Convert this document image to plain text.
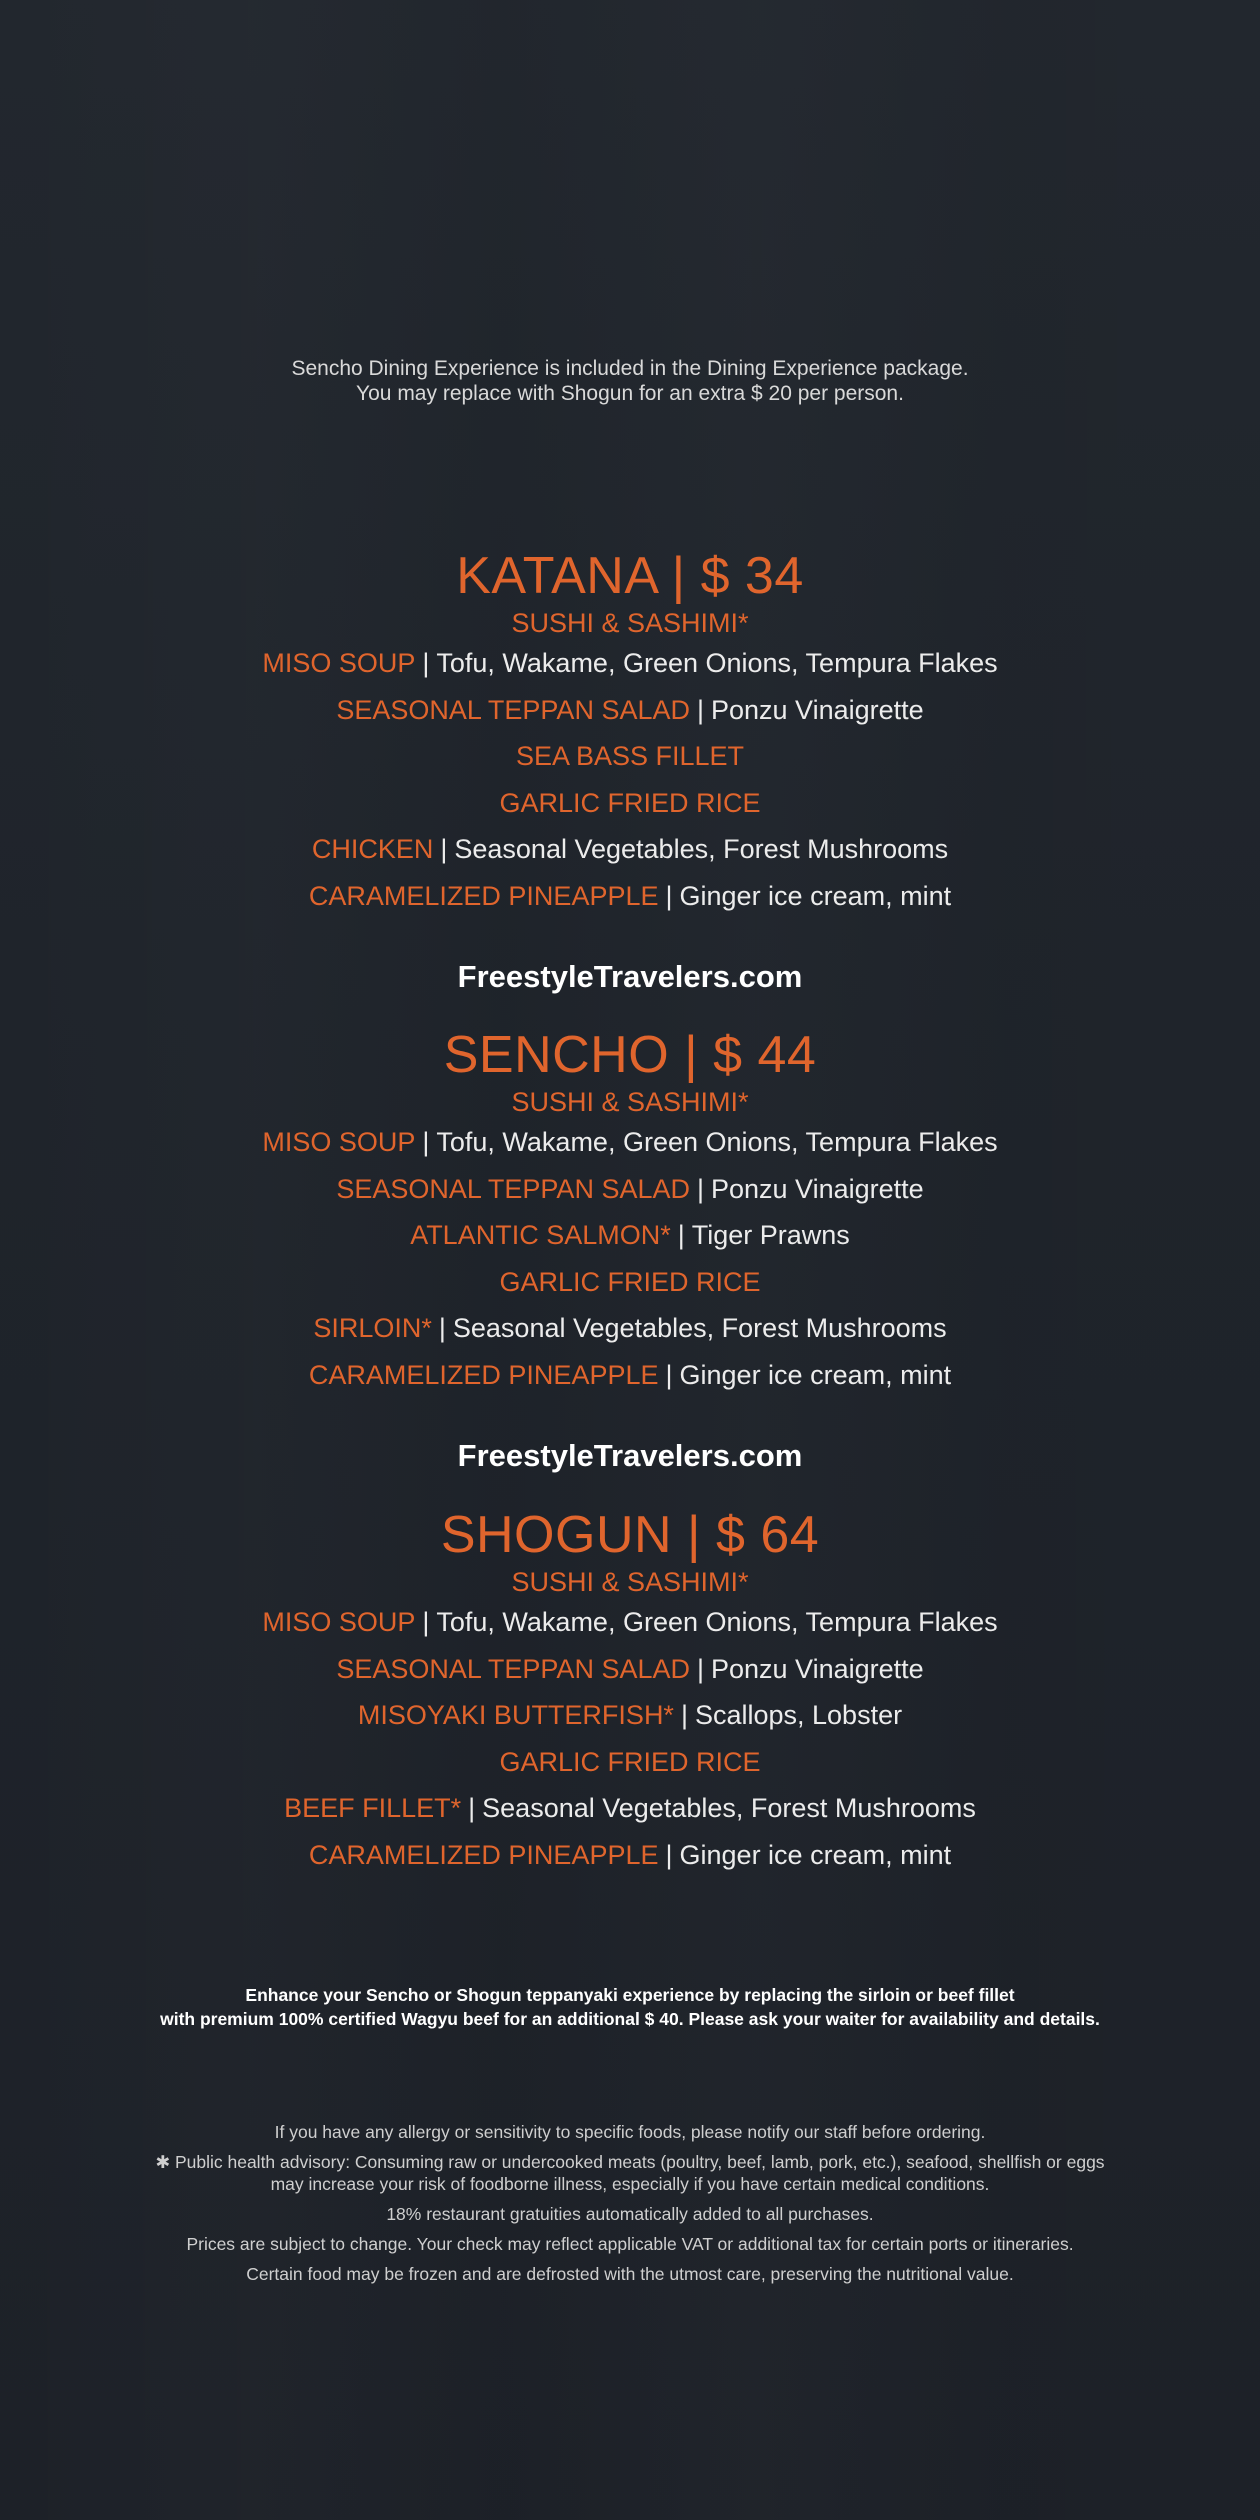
Sencho Dining Experience is included in the Dining Experience package.
You may replace with Shogun for an extra $ 20 per person.
KATANA | $ 34
SUSHI & SASHIMI*
MISO SOUP | Tofu, Wakame, Green Onions, Tempura Flakes
SEASONAL TEPPAN SALAD | Ponzu Vinaigrette
SEA BASS FILLET
GARLIC FRIED RICE
CHICKEN | Seasonal Vegetables, Forest Mushrooms
CARAMELIZED PINEAPPLE | Ginger ice cream, mint
FreestyleTravelers.com
SENCHO | $ 44
SUSHI & SASHIMI*
MISO SOUP | Tofu, Wakame, Green Onions, Tempura Flakes
SEASONAL TEPPAN SALAD | Ponzu Vinaigrette
ATLANTIC SALMON* | Tiger Prawns
GARLIC FRIED RICE
SIRLOIN* | Seasonal Vegetables, Forest Mushrooms
CARAMELIZED PINEAPPLE | Ginger ice cream, mint
FreestyleTravelers.com
SHOGUN | $ 64
SUSHI & SASHIMI*
MISO SOUP | Tofu, Wakame, Green Onions, Tempura Flakes
SEASONAL TEPPAN SALAD | Ponzu Vinaigrette
MISOYAKI BUTTERFISH* | Scallops, Lobster
GARLIC FRIED RICE
BEEF FILLET* | Seasonal Vegetables, Forest Mushrooms
CARAMELIZED PINEAPPLE | Ginger ice cream, mint
Enhance your Sencho or Shogun teppanyaki experience by replacing the sirloin or beef fillet
with premium 100% certified Wagyu beef for an additional $ 40. Please ask your waiter for availability and details.
If you have any allergy or sensitivity to specific foods, please notify our staff before ordering.
✱ Public health advisory: Consuming raw or undercooked meats (poultry, beef, lamb, pork, etc.), seafood, shellfish or eggs
may increase your risk of foodborne illness, especially if you have certain medical conditions.
18% restaurant gratuities automatically added to all purchases.
Prices are subject to change. Your check may reflect applicable VAT or additional tax for certain ports or itineraries.
Certain food may be frozen and are defrosted with the utmost care, preserving the nutritional value.
